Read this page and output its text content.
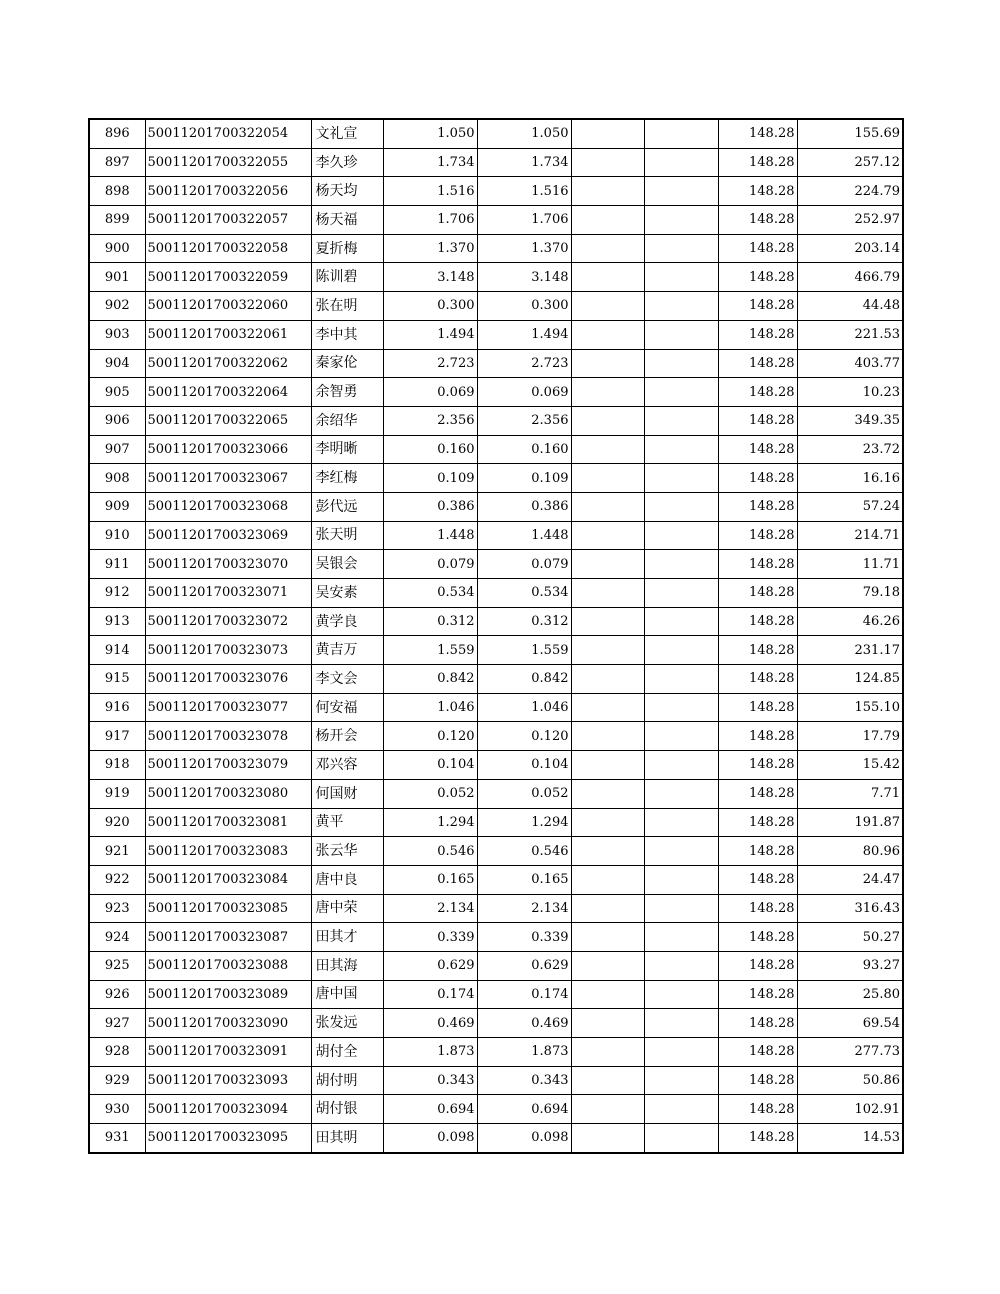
896	50011201700322054	文礼宣	1.050	1.050			148.28	155.69
897	50011201700322055	李久珍	1.734	1.734			148.28	257.12
898	50011201700322056	杨天均	1.516	1.516			148.28	224.79
899	50011201700322057	杨天福	1.706	1.706			148.28	252.97
900	50011201700322058	夏折梅	1.370	1.370			148.28	203.14
901	50011201700322059	陈训碧	3.148	3.148			148.28	466.79
902	50011201700322060	张在明	0.300	0.300			148.28	44.48
903	50011201700322061	李中其	1.494	1.494			148.28	221.53
904	50011201700322062	秦家伦	2.723	2.723			148.28	403.77
905	50011201700322064	余智勇	0.069	0.069			148.28	10.23
906	50011201700322065	余绍华	2.356	2.356			148.28	349.35
907	50011201700323066	李明晰	0.160	0.160			148.28	23.72
908	50011201700323067	李红梅	0.109	0.109			148.28	16.16
909	50011201700323068	彭代远	0.386	0.386			148.28	57.24
910	50011201700323069	张天明	1.448	1.448			148.28	214.71
911	50011201700323070	吴银会	0.079	0.079			148.28	11.71
912	50011201700323071	吴安素	0.534	0.534			148.28	79.18
913	50011201700323072	黄学良	0.312	0.312			148.28	46.26
914	50011201700323073	黄吉万	1.559	1.559			148.28	231.17
915	50011201700323076	李文会	0.842	0.842			148.28	124.85
916	50011201700323077	何安福	1.046	1.046			148.28	155.10
917	50011201700323078	杨开会	0.120	0.120			148.28	17.79
918	50011201700323079	邓兴容	0.104	0.104			148.28	15.42
919	50011201700323080	何国财	0.052	0.052			148.28	7.71
920	50011201700323081	黄平	1.294	1.294			148.28	191.87
921	50011201700323083	张云华	0.546	0.546			148.28	80.96
922	50011201700323084	唐中良	0.165	0.165			148.28	24.47
923	50011201700323085	唐中荣	2.134	2.134			148.28	316.43
924	50011201700323087	田其才	0.339	0.339			148.28	50.27
925	50011201700323088	田其海	0.629	0.629			148.28	93.27
926	50011201700323089	唐中国	0.174	0.174			148.28	25.80
927	50011201700323090	张发远	0.469	0.469			148.28	69.54
928	50011201700323091	胡付全	1.873	1.873			148.28	277.73
929	50011201700323093	胡付明	0.343	0.343			148.28	50.86
930	50011201700323094	胡付银	0.694	0.694			148.28	102.91
931	50011201700323095	田其明	0.098	0.098			148.28	14.53
